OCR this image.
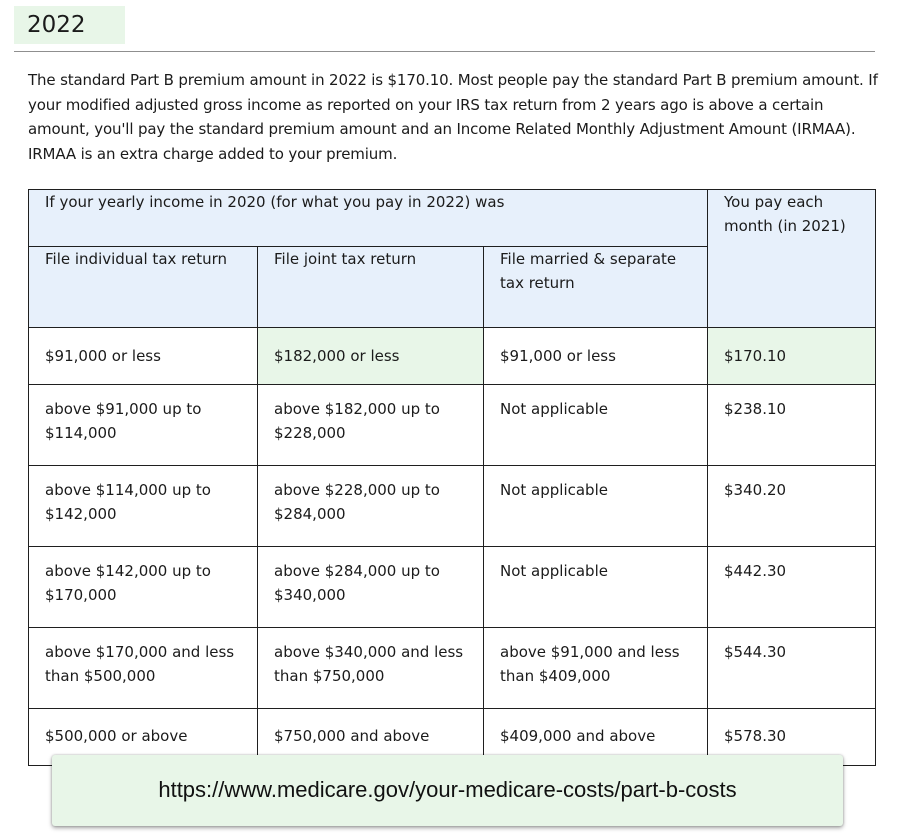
2022

The standard Part B premium amount in 2022 is $170.10. Most people pay the standard Part B premium amount. If your modified adjusted gross income as reported on your IRS tax return from 2 years ago is above a certain amount, you'll pay the standard premium amount and an Income Related Monthly Adjustment Amount (IRMAA). IRMAA is an extra charge added to your premium.

If your yearly income in 2020 (for what you pay in 2022) was			You pay each month (in 2021)
File individual tax return	File joint tax return	File married & separate tax return	
$91,000 or less	$182,000 or less	$91,000 or less	$170.10
above $91,000 up to $114,000	above $182,000 up to $228,000	Not applicable	$238.10
above $114,000 up to $142,000	above $228,000 up to $284,000	Not applicable	$340.20
above $142,000 up to $170,000	above $284,000 up to $340,000	Not applicable	$442.30
above $170,000 and less than $500,000	above $340,000 and less than $750,000	above $91,000 and less than $409,000	$544.30
$500,000 or above	$750,000 and above	$409,000 and above	$578.30
https://www.medicare.gov/your-medicare-costs/part-b-costs
